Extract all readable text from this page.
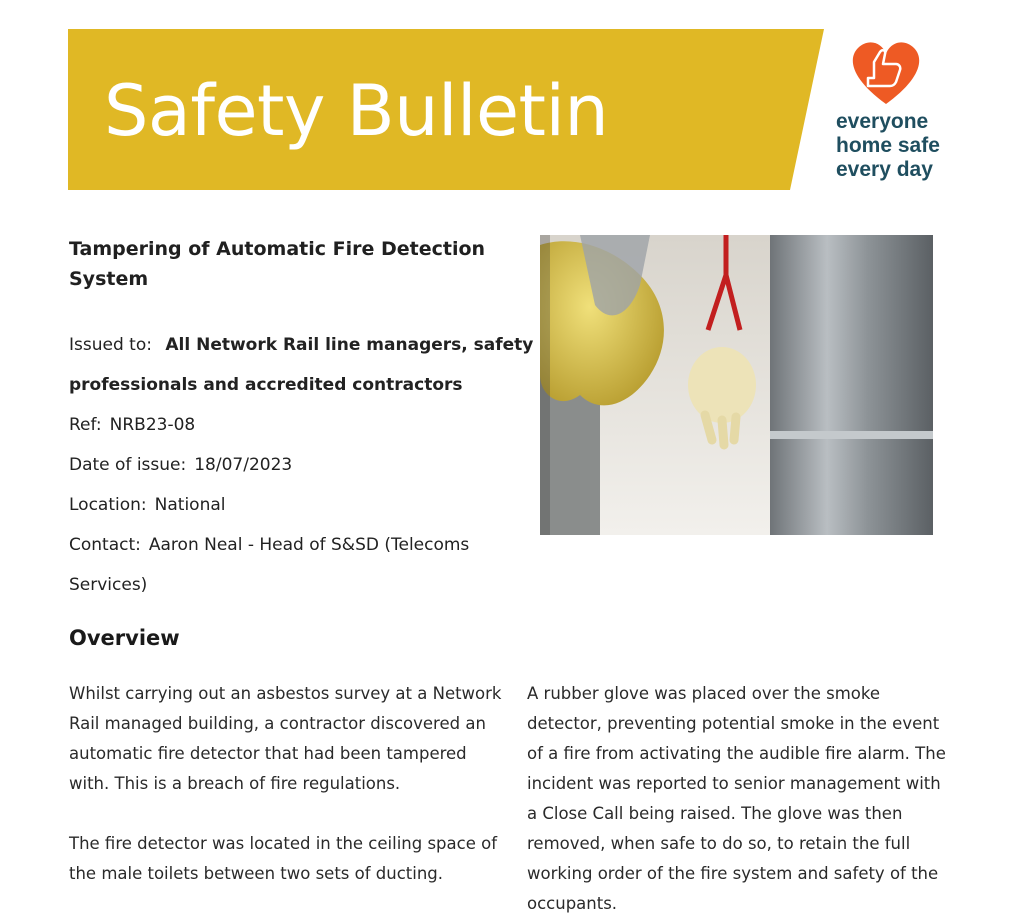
Safety Bulletin	everyone
home safe
every day
Tampering of Automatic Fire Detection System
Issued to: All Network Rail line managers, safety
professionals and accredited contractors
Ref: NRB23-08
Date of issue: 18/07/2023
Location: National
Contact: Aaron Neal - Head of S&SD (Telecoms
Services)
Overview

Whilst carrying out an asbestos survey at a Network Rail managed building, a contractor discovered an automatic fire detector that had been tampered with. This is a breach of fire regulations.

The fire detector was located in the ceiling space of the male toilets between two sets of ducting.

A rubber glove was placed over the smoke detector, preventing potential smoke in the event of a fire from activating the audible fire alarm. The incident was reported to senior management with a Close Call being raised. The glove was then removed, when safe to do so, to retain the full working order of the fire system and safety of the occupants.
